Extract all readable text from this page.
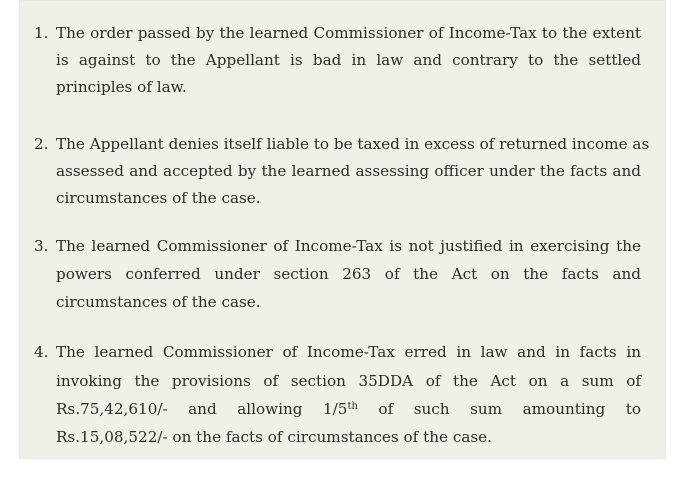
1. The order passed by the learned Commissioner of Income-Tax to the extent
is against to the Appellant is bad in law and contrary to the settled
principles of law.
2. The Appellant denies itself liable to be taxed in excess of returned income as
assessed and accepted by the learned assessing officer under the facts and
circumstances of the case.
3. The learned Commissioner of Income-Tax is not justified in exercising the
powers conferred under section 263 of the Act on the facts and
circumstances of the case.
4. The learned Commissioner of Income-Tax erred in law and in facts in
invoking the provisions of section 35DDA of the Act on a sum of
Rs.75,42,610/- and allowing 1/5th of such sum amounting to
Rs.15,08,522/- on the facts of circumstances of the case.
